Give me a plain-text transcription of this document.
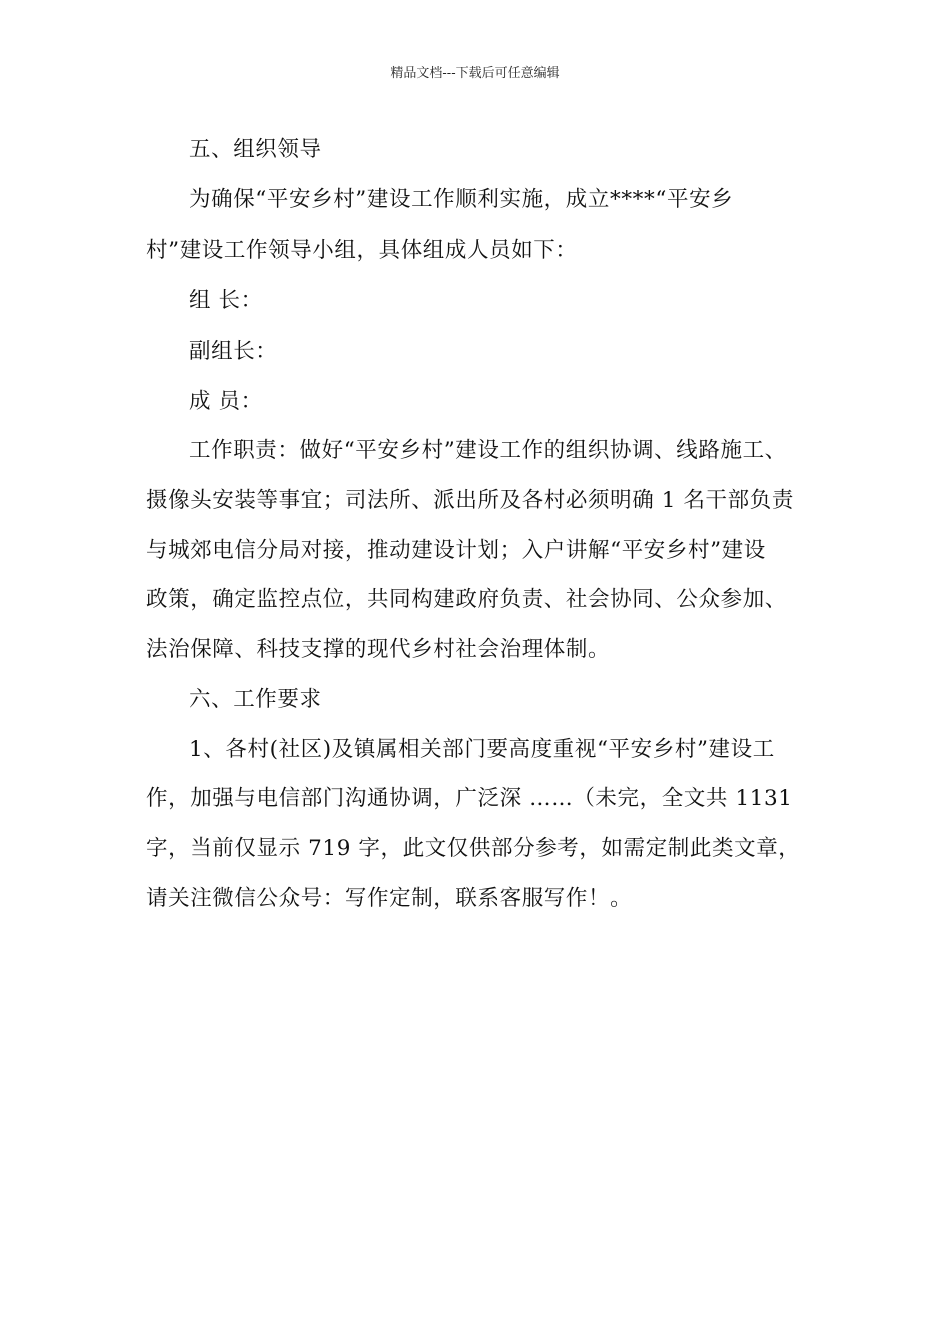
精品文档---下载后可任意编辑
五、组织领导
为确保“平安乡村”建设工作顺利实施，成立****“平安乡
村”建设工作领导小组，具体组成人员如下：
组 长：
副组长：
成 员：
工作职责：做好“平安乡村”建设工作的组织协调、线路施工、
摄像头安装等事宜；司法所、派出所及各村必须明确 1 名干部负责
与城郊电信分局对接，推动建设计划；入户讲解“平安乡村”建设
政策，确定监控点位，共同构建政府负责、社会协同、公众参加、
法治保障、科技支撑的现代乡村社会治理体制。
六、工作要求
1、各村(社区)及镇属相关部门要高度重视“平安乡村”建设工
作，加强与电信部门沟通协调，广泛深 ……（未完，全文共 1131
字，当前仅显示 719 字，此文仅供部分参考，如需定制此类文章，
请关注微信公众号：写作定制，联系客服写作！。
